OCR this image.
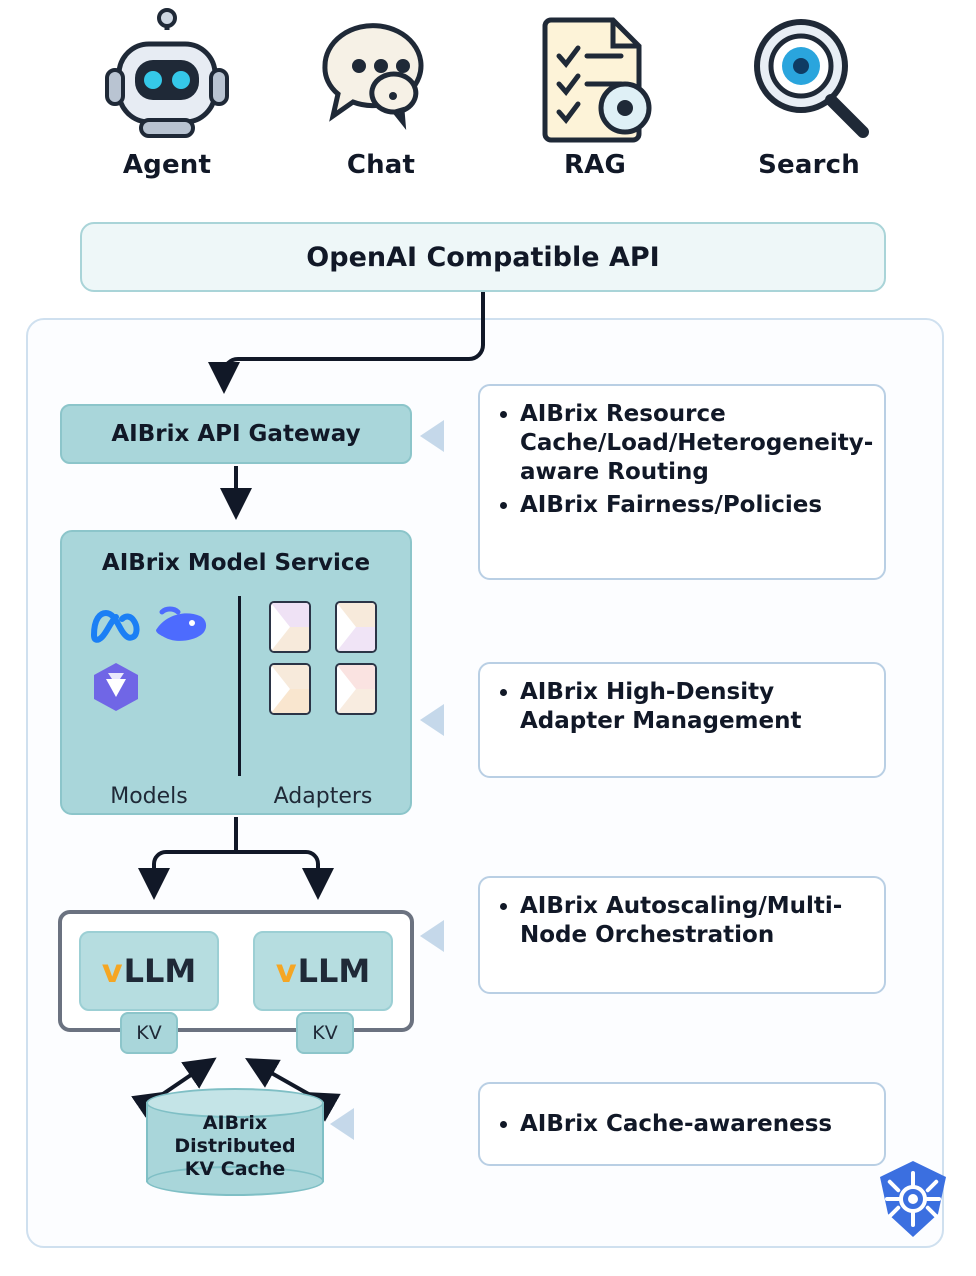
Agent	Chat	RAG	Search
OpenAI Compatible API
AIBrix API Gateway
AIBrix Model Service
Models	Adapters
v LLM v LLM
KV	KV
AIBrix
Distributed
KV Cache
• AIBrix Resource Cache/Load/Heterogeneity-aware Routing
• AIBrix Fairness/Policies
• AIBrix High-Density Adapter Management
• AIBrix Autoscaling/Multi-Node Orchestration
• AIBrix Cache-awareness
